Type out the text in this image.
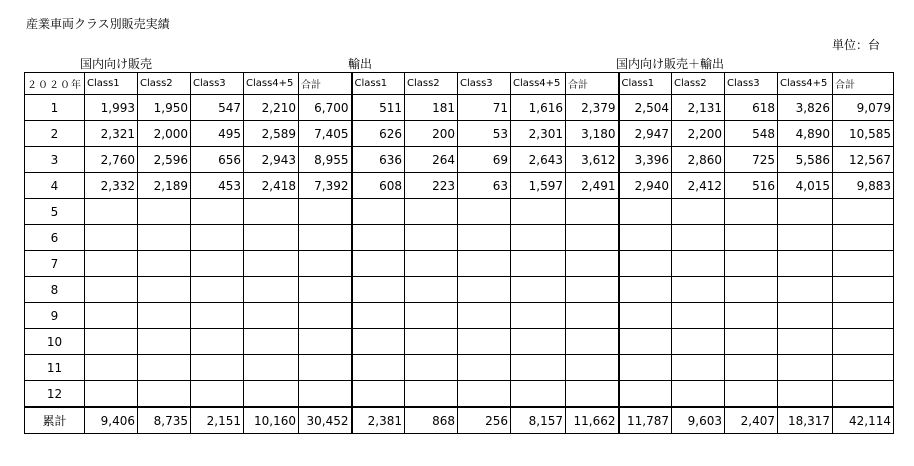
産業車両クラス別販売実績
単位：台
国内向け販売	輸出	国内向け販売＋輸出
２０２０年	Class1	Class2	Class3	Class4+5	合計	Class1	Class2	Class3	Class4+5	合計	Class1	Class2	Class3	Class4+5	合計
1	1,993	1,950	547	2,210	6,700	511	181	71	1,616	2,379	2,504	2,131	618	3,826	9,079
2	2,321	2,000	495	2,589	7,405	626	200	53	2,301	3,180	2,947	2,200	548	4,890	10,585
3	2,760	2,596	656	2,943	8,955	636	264	69	2,643	3,612	3,396	2,860	725	5,586	12,567
4	2,332	2,189	453	2,418	7,392	608	223	63	1,597	2,491	2,940	2,412	516	4,015	9,883
5															
6															
7															
8															
9															
10															
11															
12															
累計	9,406	8,735	2,151	10,160	30,452	2,381	868	256	8,157	11,662	11,787	9,603	2,407	18,317	42,114
